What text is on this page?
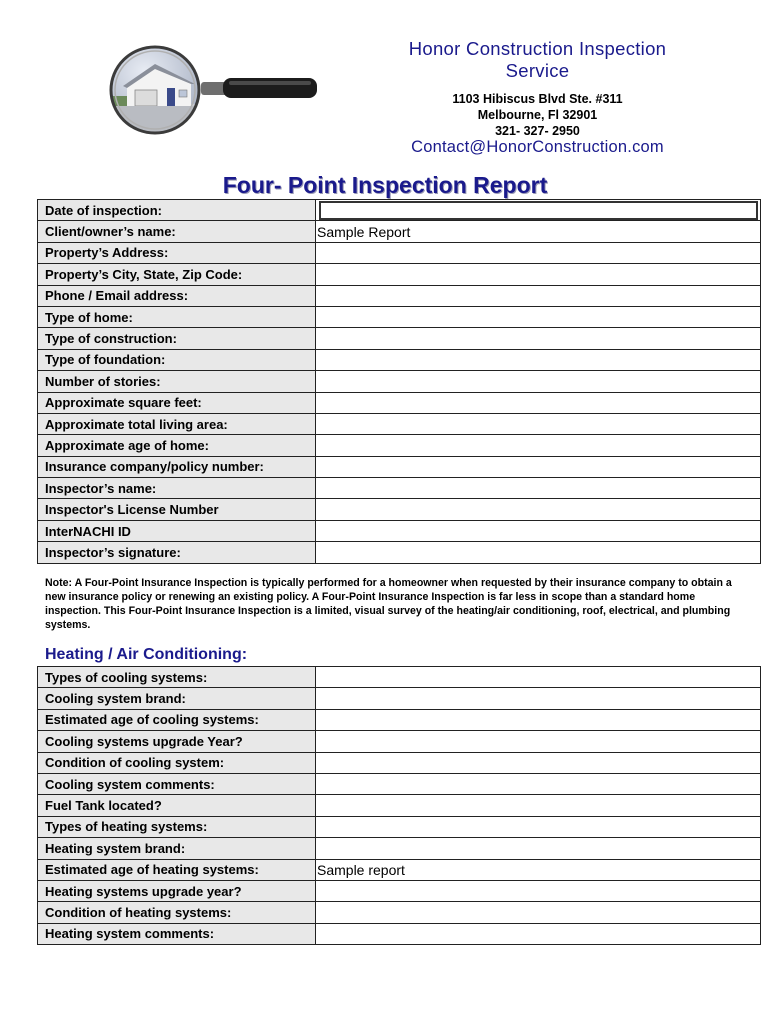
Honor Construction Inspection
Service
1103 Hibiscus Blvd Ste. #311
Melbourne, Fl 32901
321- 327- 2950
Contact@HonorConstruction.com
Four- Point Inspection Report
Date of inspection:	

Client/owner’s name:	Sample Report
Property’s Address:	
Property’s City, State, Zip Code:	
Phone / Email address:	
Type of home:	
Type of construction:	
Type of foundation:	
Number of stories:	
Approximate square feet:	
Approximate total living area:	
Approximate age of home:	
Insurance company/policy number:	
Inspector’s name:	
Inspector's License Number	
InterNACHI ID	
Inspector’s signature:	
Note: A Four-Point Insurance Inspection is typically performed for a homeowner when requested by their insurance company to obtain a new insurance policy or renewing an existing policy. A Four-Point Insurance Inspection is far less in scope than a standard home inspection. This Four-Point Insurance Inspection is a limited, visual survey of the heating/air conditioning, roof, electrical, and plumbing systems.
Heating / Air Conditioning:
Types of cooling systems:	
Cooling system brand:	
Estimated age of cooling systems:	
Cooling systems upgrade Year?	
Condition of cooling system:	
Cooling system comments:	
Fuel Tank located?	
Types of heating systems:	
Heating system brand:	
Estimated age of heating systems:	Sample report
Heating systems upgrade year?	
Condition of heating systems:	
Heating system comments:	
